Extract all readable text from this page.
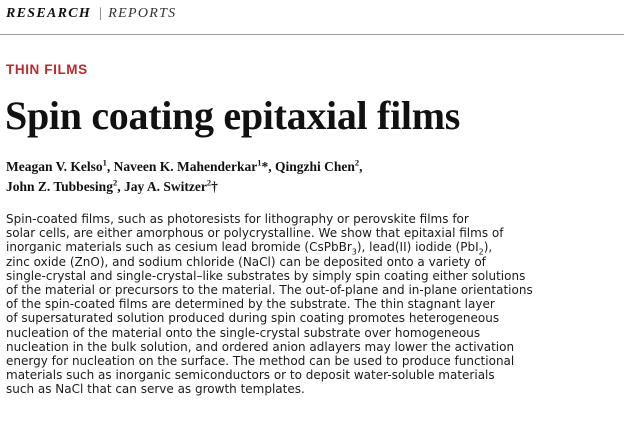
RESEARCH | REPORTS
THIN FILMS
Spin coating epitaxial films
Meagan V. Kelso$^1$, Naveen K. Mahenderkar$^1$*, Qingzhi Chen$^2$,
John Z. Tubbesing$^2$, Jay A. Switzer$^2$†
Spin-coated films, such as photoresists for lithography or perovskite films for
solar cells, are either amorphous or polycrystalline. We show that epitaxial films of
inorganic materials such as cesium lead bromide (CsPbBr$_3$), lead(II) iodide (PbI$_2$),
zinc oxide (ZnO), and sodium chloride (NaCl) can be deposited onto a variety of
single-crystal and single-crystal–like substrates by simply spin coating either solutions
of the material or precursors to the material. The out-of-plane and in-plane orientations
of the spin-coated films are determined by the substrate. The thin stagnant layer
of supersaturated solution produced during spin coating promotes heterogeneous
nucleation of the material onto the single-crystal substrate over homogeneous
nucleation in the bulk solution, and ordered anion adlayers may lower the activation
energy for nucleation on the surface. The method can be used to produce functional
materials such as inorganic semiconductors or to deposit water-soluble materials
such as NaCl that can serve as growth templates.
